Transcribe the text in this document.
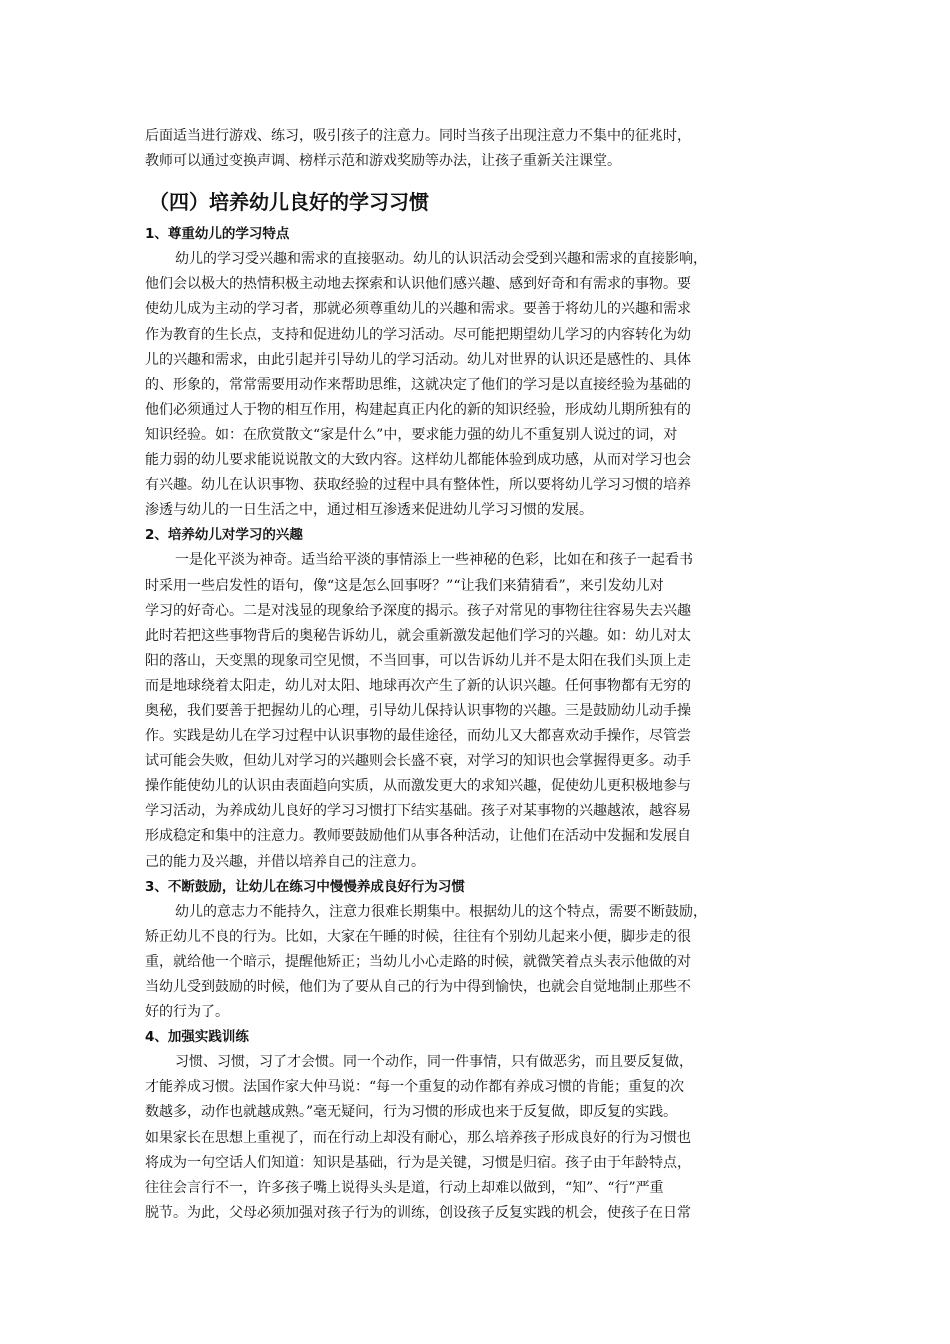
后面适当进行游戏、练习，吸引孩子的注意力。同时当孩子出现注意力不集中的征兆时，
教师可以通过变换声调、榜样示范和游戏奖励等办法，让孩子重新关注课堂。
（四）培养幼儿良好的学习习惯
1、尊重幼儿的学习特点
幼儿的学习受兴趣和需求的直接驱动。幼儿的认识活动会受到兴趣和需求的直接影响，
他们会以极大的热情积极主动地去探索和认识他们感兴趣、感到好奇和有需求的事物。要
使幼儿成为主动的学习者，那就必须尊重幼儿的兴趣和需求。要善于将幼儿的兴趣和需求
作为教育的生长点，支持和促进幼儿的学习活动。尽可能把期望幼儿学习的内容转化为幼
儿的兴趣和需求，由此引起并引导幼儿的学习活动。幼儿对世界的认识还是感性的、具体
的、形象的，常常需要用动作来帮助思维，这就决定了他们的学习是以直接经验为基础的
他们必须通过人于物的相互作用，构建起真正内化的新的知识经验，形成幼儿期所独有的
知识经验。如：在欣赏散文“家是什么”中，要求能力强的幼儿不重复别人说过的词，对
能力弱的幼儿要求能说说散文的大致内容。这样幼儿都能体验到成功感，从而对学习也会
有兴趣。幼儿在认识事物、获取经验的过程中具有整体性，所以要将幼儿学习习惯的培养
渗透与幼儿的一日生活之中，通过相互渗透来促进幼儿学习习惯的发展。
2、培养幼儿对学习的兴趣
一是化平淡为神奇。适当给平淡的事情添上一些神秘的色彩，比如在和孩子一起看书
时采用一些启发性的语句，像“这是怎么回事呀？”“让我们来猜猜看”，来引发幼儿对
学习的好奇心。二是对浅显的现象给予深度的揭示。孩子对常见的事物往往容易失去兴趣
此时若把这些事物背后的奥秘告诉幼儿，就会重新激发起他们学习的兴趣。如：幼儿对太
阳的落山，天变黑的现象司空见惯，不当回事，可以告诉幼儿并不是太阳在我们头顶上走
而是地球绕着太阳走，幼儿对太阳、地球再次产生了新的认识兴趣。任何事物都有无穷的
奥秘，我们要善于把握幼儿的心理，引导幼儿保持认识事物的兴趣。三是鼓励幼儿动手操
作。实践是幼儿在学习过程中认识事物的最佳途径，而幼儿又大都喜欢动手操作，尽管尝
试可能会失败，但幼儿对学习的兴趣则会长盛不衰，对学习的知识也会掌握得更多。动手
操作能使幼儿的认识由表面趋向实质，从而激发更大的求知兴趣，促使幼儿更积极地参与
学习活动，为养成幼儿良好的学习习惯打下结实基础。孩子对某事物的兴趣越浓，越容易
形成稳定和集中的注意力。教师要鼓励他们从事各种活动，让他们在活动中发掘和发展自
己的能力及兴趣，并借以培养自己的注意力。
3、不断鼓励，让幼儿在练习中慢慢养成良好行为习惯
幼儿的意志力不能持久，注意力很难长期集中。根据幼儿的这个特点，需要不断鼓励，
矫正幼儿不良的行为。比如，大家在午睡的时候，往往有个别幼儿起来小便，脚步走的很
重，就给他一个暗示，提醒他矫正；当幼儿小心走路的时候，就微笑着点头表示他做的对
当幼儿受到鼓励的时候，他们为了要从自己的行为中得到愉快，也就会自觉地制止那些不
好的行为了。
4、加强实践训练
习惯、习惯，习了才会惯。同一个动作，同一件事情，只有做恶劣，而且要反复做，
才能养成习惯。法国作家大仲马说：“每一个重复的动作都有养成习惯的肯能；重复的次
数越多，动作也就越成熟。”毫无疑问，行为习惯的形成也来于反复做，即反复的实践。
如果家长在思想上重视了，而在行动上却没有耐心，那么培养孩子形成良好的行为习惯也
将成为一句空话人们知道：知识是基础，行为是关键，习惯是归宿。孩子由于年龄特点，
往往会言行不一，许多孩子嘴上说得头头是道，行动上却难以做到，“知”、“行”严重
脱节。为此，父母必须加强对孩子行为的训练，创设孩子反复实践的机会，使孩子在日常
